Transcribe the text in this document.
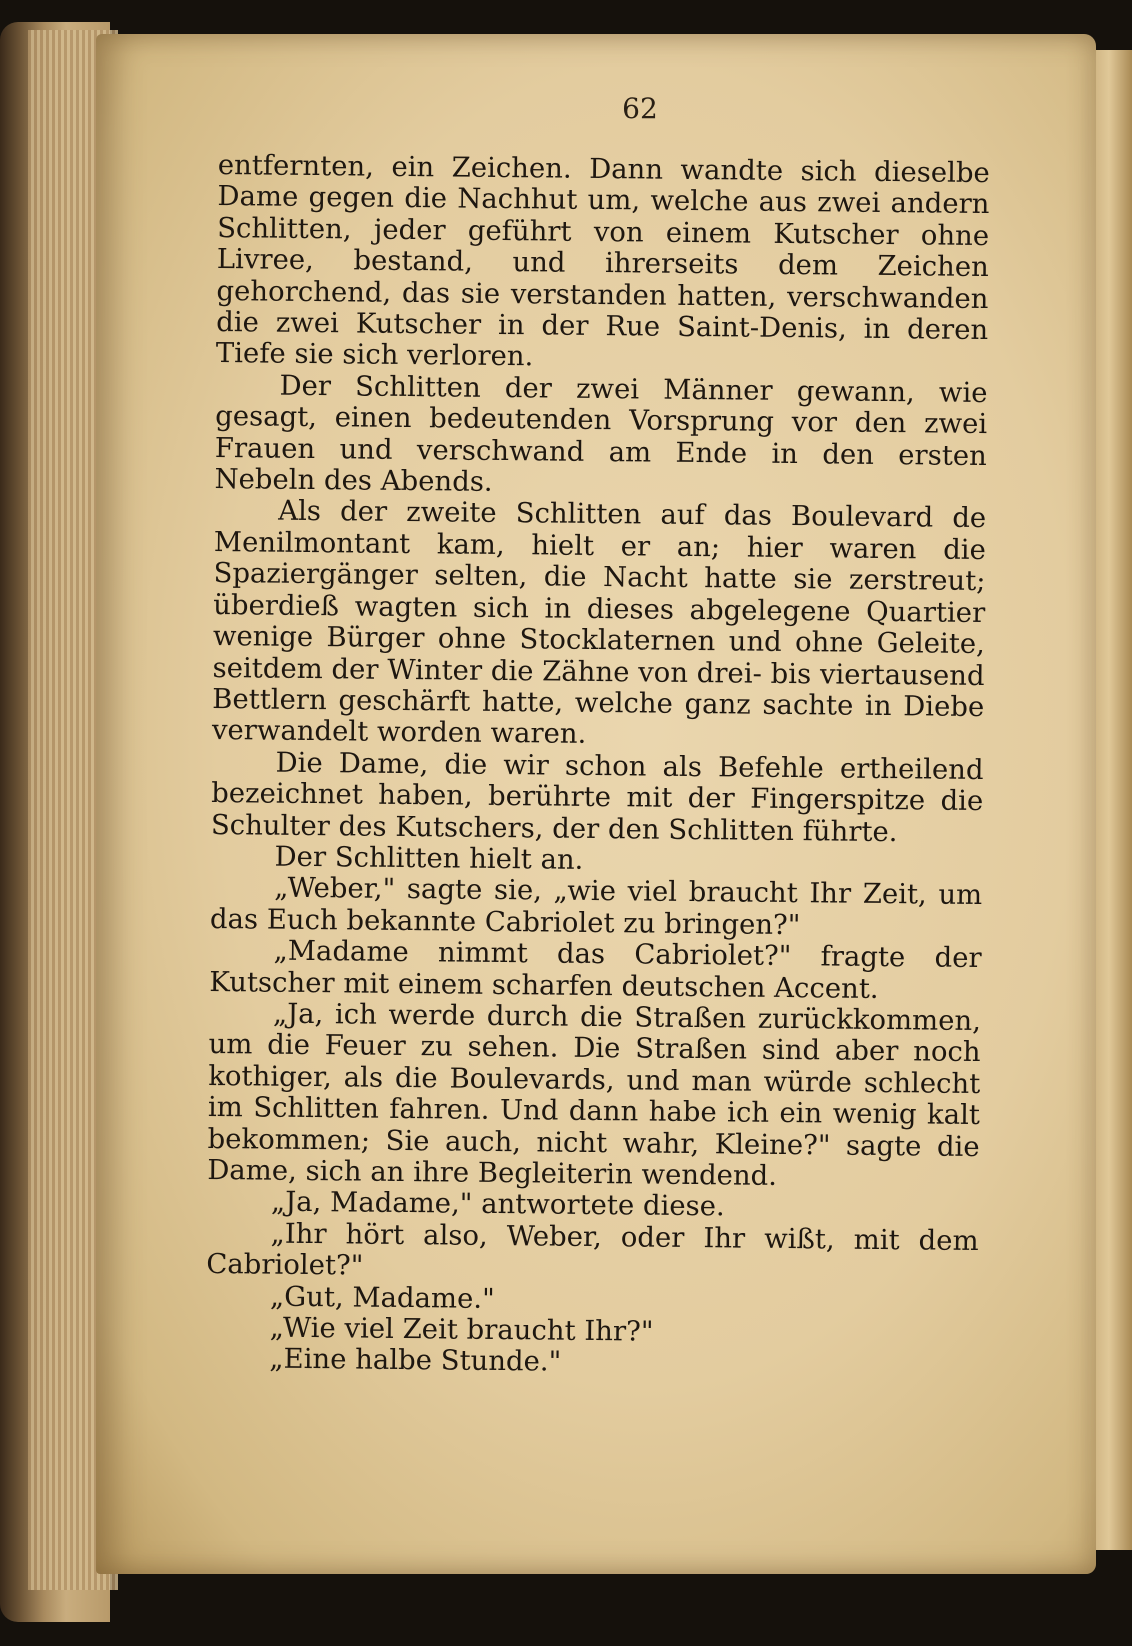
62

entfernten, ein Zeichen. Dann wandte sich dieselbe Dame gegen die Nachhut um, welche aus zwei andern Schlitten, jeder geführt von einem Kutscher ohne Livree, bestand, und ihrerseits dem Zeichen gehorchend, das sie verstanden hatten, verschwanden die zwei Kutscher in der Rue Saint-Denis, in deren Tiefe sie sich verloren.

Der Schlitten der zwei Männer gewann, wie gesagt, einen bedeutenden Vorsprung vor den zwei Frauen und verschwand am Ende in den ersten Nebeln des Abends.

Als der zweite Schlitten auf das Boulevard de Menilmontant kam, hielt er an; hier waren die Spaziergänger selten, die Nacht hatte sie zerstreut; überdieß wagten sich in dieses abgelegene Quartier wenige Bürger ohne Stocklaternen und ohne Geleite, seitdem der Winter die Zähne von drei- bis viertausend Bettlern geschärft hatte, welche ganz sachte in Diebe verwandelt worden waren.

Die Dame, die wir schon als Befehle ertheilend bezeichnet haben, berührte mit der Fingerspitze die Schulter des Kutschers, der den Schlitten führte.

Der Schlitten hielt an.

„Weber," sagte sie, „wie viel braucht Ihr Zeit, um das Euch bekannte Cabriolet zu bringen?"

„Madame nimmt das Cabriolet?" fragte der Kutscher mit einem scharfen deutschen Accent.

„Ja, ich werde durch die Straßen zurückkommen, um die Feuer zu sehen. Die Straßen sind aber noch kothiger, als die Boulevards, und man würde schlecht im Schlitten fahren. Und dann habe ich ein wenig kalt bekommen; Sie auch, nicht wahr, Kleine?" sagte die Dame, sich an ihre Begleiterin wendend.

„Ja, Madame," antwortete diese.

„Ihr hört also, Weber, oder Ihr wißt, mit dem Cabriolet?"

„Gut, Madame."

„Wie viel Zeit braucht Ihr?"

„Eine halbe Stunde."
